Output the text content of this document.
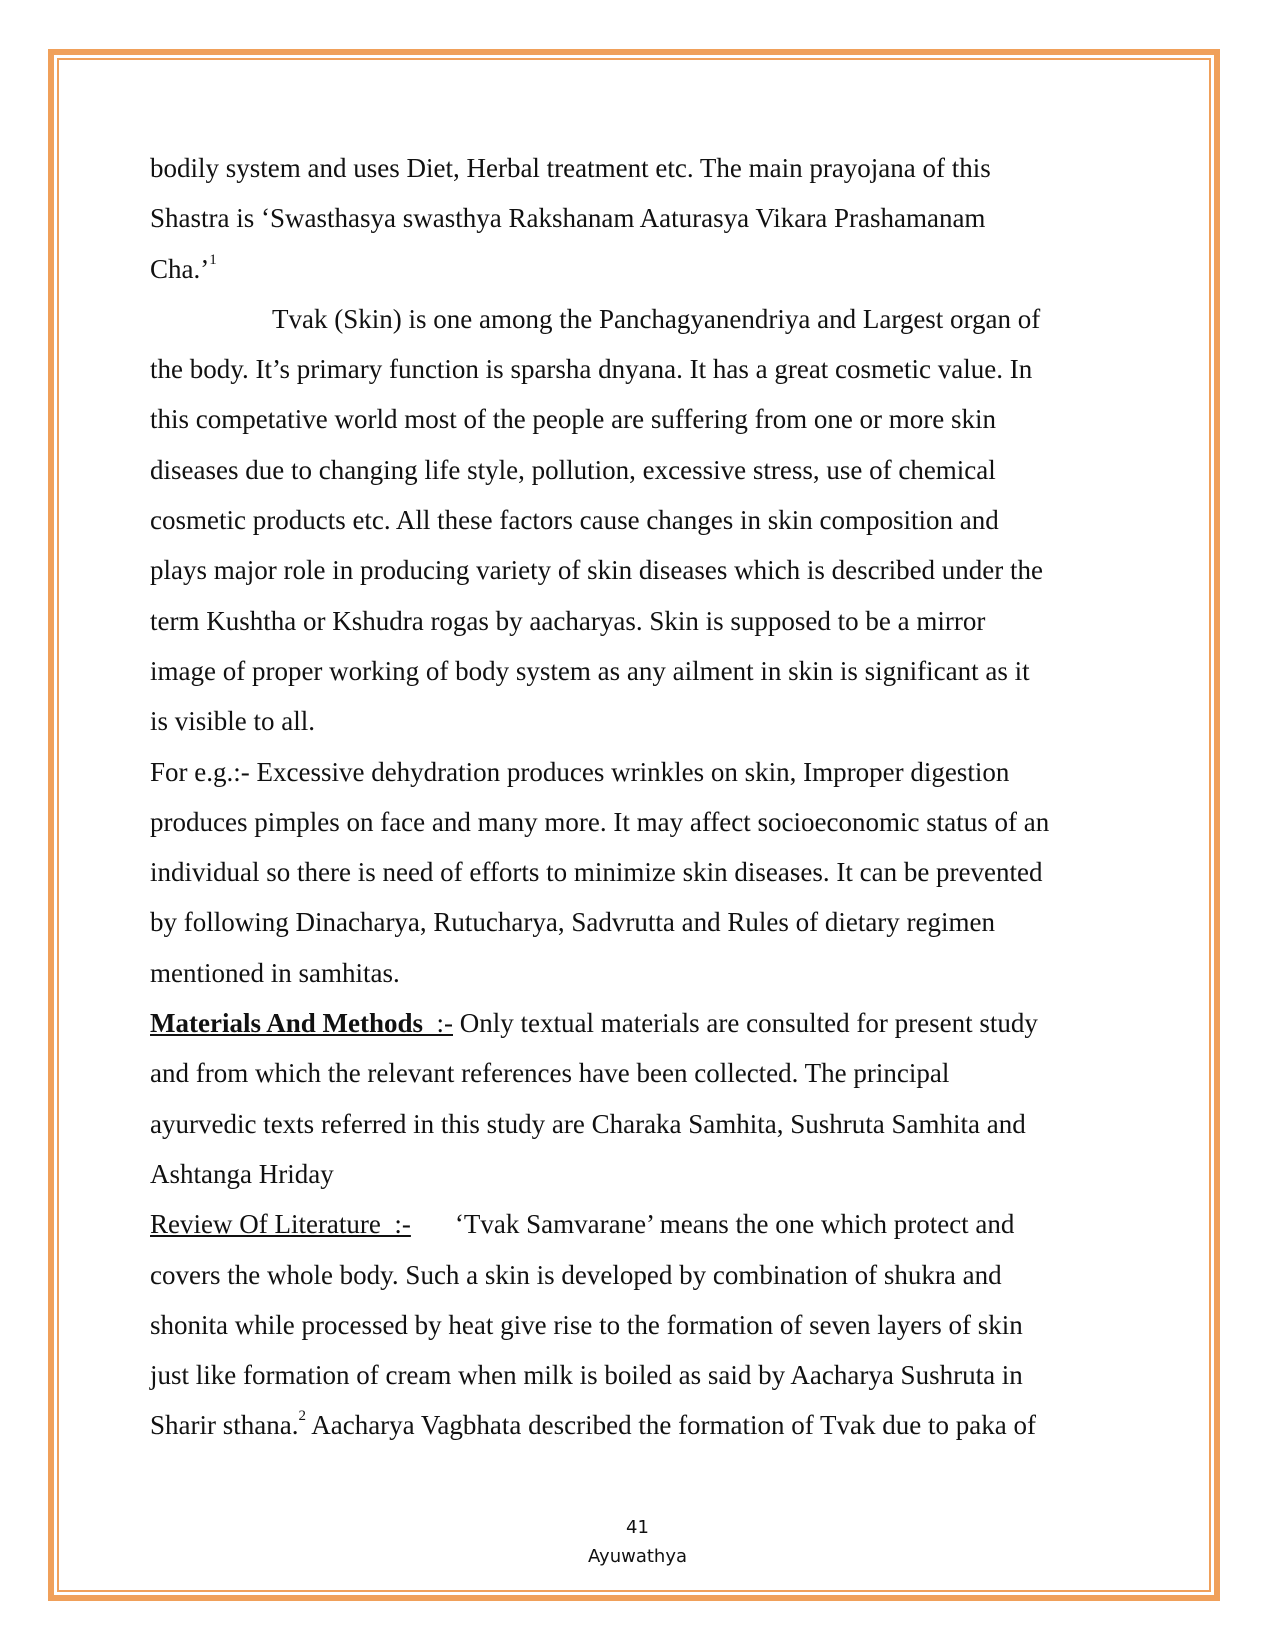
bodily system and uses Diet, Herbal treatment etc. The main prayojana of this
Shastra is ‘Swasthasya swasthya Rakshanam Aaturasya Vikara Prashamanam
Cha.’$^1$
Tvak (Skin) is one among the Panchagyanendriya and Largest organ of
the body. It’s primary function is sparsha dnyana. It has a great cosmetic value. In
this competative world most of the people are suffering from one or more skin
diseases due to changing life style, pollution, excessive stress, use of chemical
cosmetic products etc. All these factors cause changes in skin composition and
plays major role in producing variety of skin diseases which is described under the
term Kushtha or Kshudra rogas by aacharyas. Skin is supposed to be a mirror
image of proper working of body system as any ailment in skin is significant as it
is visible to all.
For e.g.:- Excessive dehydration produces wrinkles on skin, Improper digestion
produces pimples on face and many more. It may affect socioeconomic status of an
individual so there is need of efforts to minimize skin diseases. It can be prevented
by following Dinacharya, Rutucharya, Sadvrutta and Rules of dietary regimen
mentioned in samhitas.
Materials And Methods  :- Only textual materials are consulted for present study
and from which the relevant references have been collected. The principal
ayurvedic texts referred in this study are Charaka Samhita, Sushruta Samhita and
Ashtanga Hriday
Review Of Literature  :- ‘Tvak Samvarane’ means the one which protect and
covers the whole body. Such a skin is developed by combination of shukra and
shonita while processed by heat give rise to the formation of seven layers of skin
just like formation of cream when milk is boiled as said by Aacharya Sushruta in
Sharir sthana.$^2$ Aacharya Vagbhata described the formation of Tvak due to paka of
41
Ayuwathya
